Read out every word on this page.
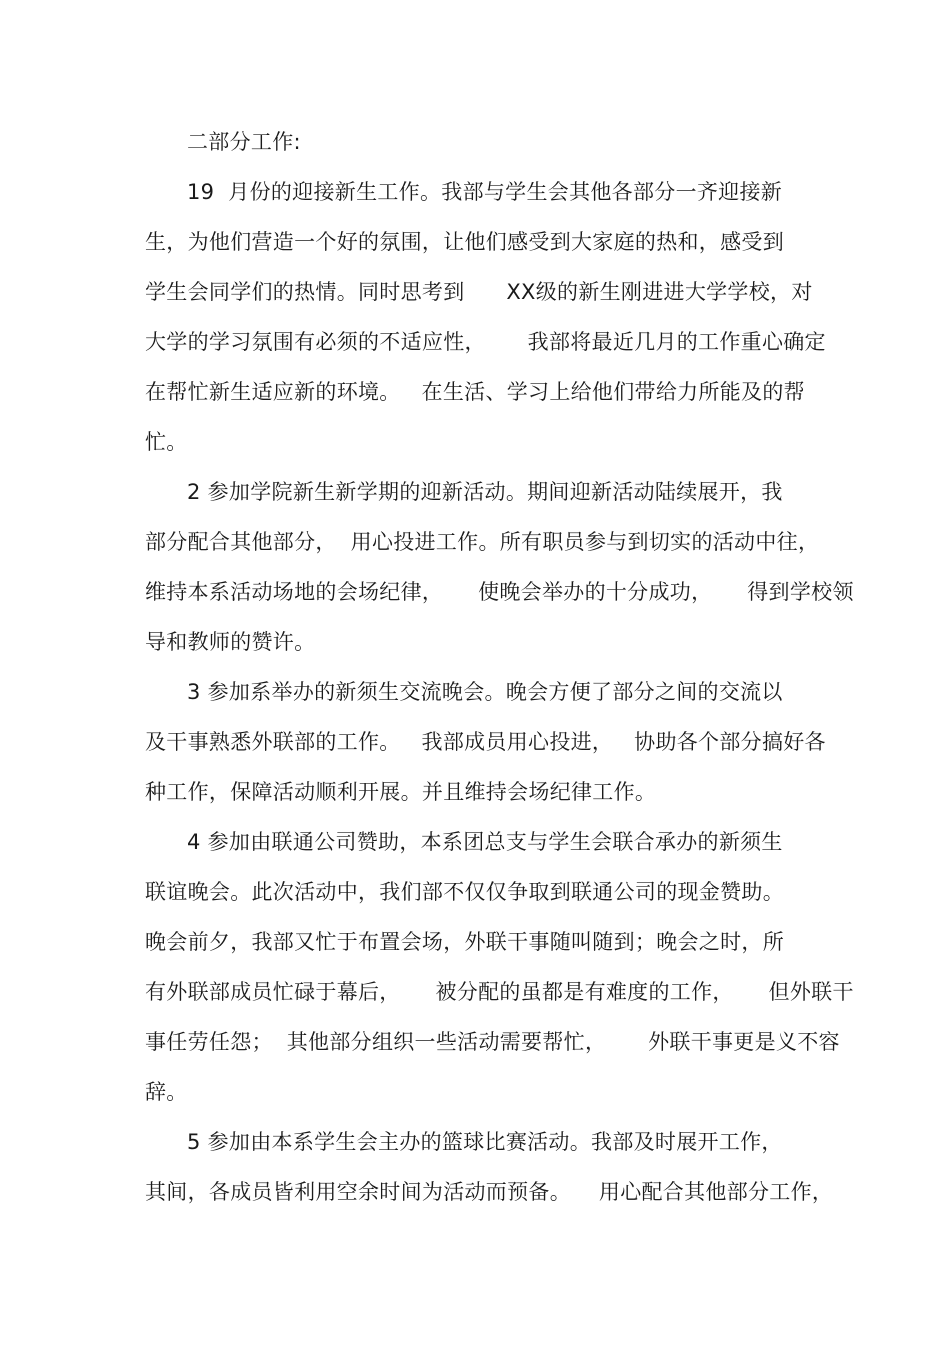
二部分工作:
19  月份的迎接新生工作。我部与学生会其他各部分一齐迎接新
生，为他们营造一个好的氛围，让他们感受到大家庭的热和，感受到
学生会同学们的热情。同时思考到      XX级的新生刚进进大学学校，对
大学的学习氛围有必须的不适应性，      我部将最近几月的工作重心确定
在帮忙新生适应新的环境。   在生活、学习上给他们带给力所能及的帮
忙。
2 参加学院新生新学期的迎新活动。期间迎新活动陆续展开，我
部分配合其他部分，  用心投进工作。所有职员参与到切实的活动中往，
维持本系活动场地的会场纪律，     使晚会举办的十分成功，     得到学校领
导和教师的赞许。
3 参加系举办的新须生交流晚会。晚会方便了部分之间的交流以
及干事熟悉外联部的工作。   我部成员用心投进，   协助各个部分搞好各
种工作，保障活动顺利开展。并且维持会场纪律工作。
4 参加由联通公司赞助，本系团总支与学生会联合承办的新须生
联谊晚会。此次活动中，我们部不仅仅争取到联通公司的现金赞助。
晚会前夕，我部又忙于布置会场，外联干事随叫随到；晚会之时，所
有外联部成员忙碌于幕后，     被分配的虽都是有难度的工作，     但外联干
事任劳任怨；  其他部分组织一些活动需要帮忙，      外联干事更是义不容
辞。
5 参加由本系学生会主办的篮球比赛活动。我部及时展开工作，
其间，各成员皆利用空余时间为活动而预备。    用心配合其他部分工作，
